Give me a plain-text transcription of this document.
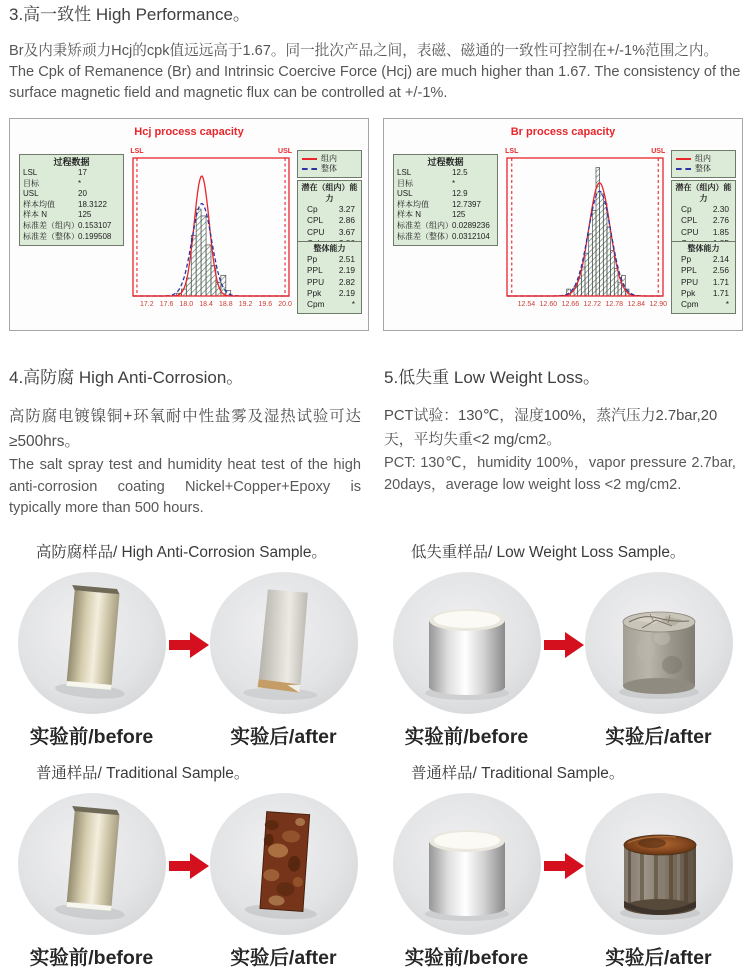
3.高一致性 High Performance。
Br及内秉矫顽力Hcj的cpk值远远高于1.67。同一批次产品之间，表磁、磁通的一致性可控制在+/-1%范围之内。
The Cpk of Remanence (Br) and Intrinsic Coercive Force (Hcj) are much higher than 1.67. The consistency of the surface magnetic field and magnetic flux can be controlled at +/-1%.
Hcj process capacity
过程数据
LSL	17
目标	*
USL	20
样本均值	18.3122
样本 N	125
标准差（组内） 0.153107
标准差（整体） 0.199508
LSL	USL
17.2 17.6 18.0 18.4 18.8 19.2 19.6 20.0
组内
整体
潜在（组内）能力
Cp	3.27
CPL	2.86
CPU	3.67
整体能力
Pp	2.51
PPL	2.19
PPU	2.82
Ppk	2.19
Cpm	*
Br process capacity
过程数据
LSL	12.5
目标	*
USL	12.9
样本均值	12.7397
样本 N	125
标准差（组内） 0.0289236
标准差（整体） 0.0312104
LSL	USL
12.54 12.60 12.66 12.72 12.78 12.84 12.90
组内
整体
潜在（组内）能力
Cp	2.30
CPL	2.76
CPU	1.85
整体能力
Pp	2.14
PPL	2.56
PPU	1.71
Ppk	1.71
Cpm	*
4.高防腐 High Anti-Corrosion。
高防腐电镀镍铜+环氧耐中性盐雾及湿热试验可达≥500hrs。
The salt spray test and humidity heat test of the high anti-corrosion coating Nickel+Copper+Epoxy is typically more than 500 hours.
5.低失重 Low Weight Loss。
PCT试验：130℃，湿度100%，蒸汽压力2.7bar,20天，平均失重<2 mg/cm2。
PCT: 130℃，humidity 100%，vapor pressure 2.7bar, 20days，average low weight loss <2 mg/cm2.
高防腐样品/ High Anti-Corrosion Sample。	低失重样品/ Low Weight Loss Sample。
实验前/before	实验后/after	实验前/before	实验后/after
普通样品/ Traditional Sample。	普通样品/ Traditional Sample。
实验前/before	实验后/after	实验前/before	实验后/after
